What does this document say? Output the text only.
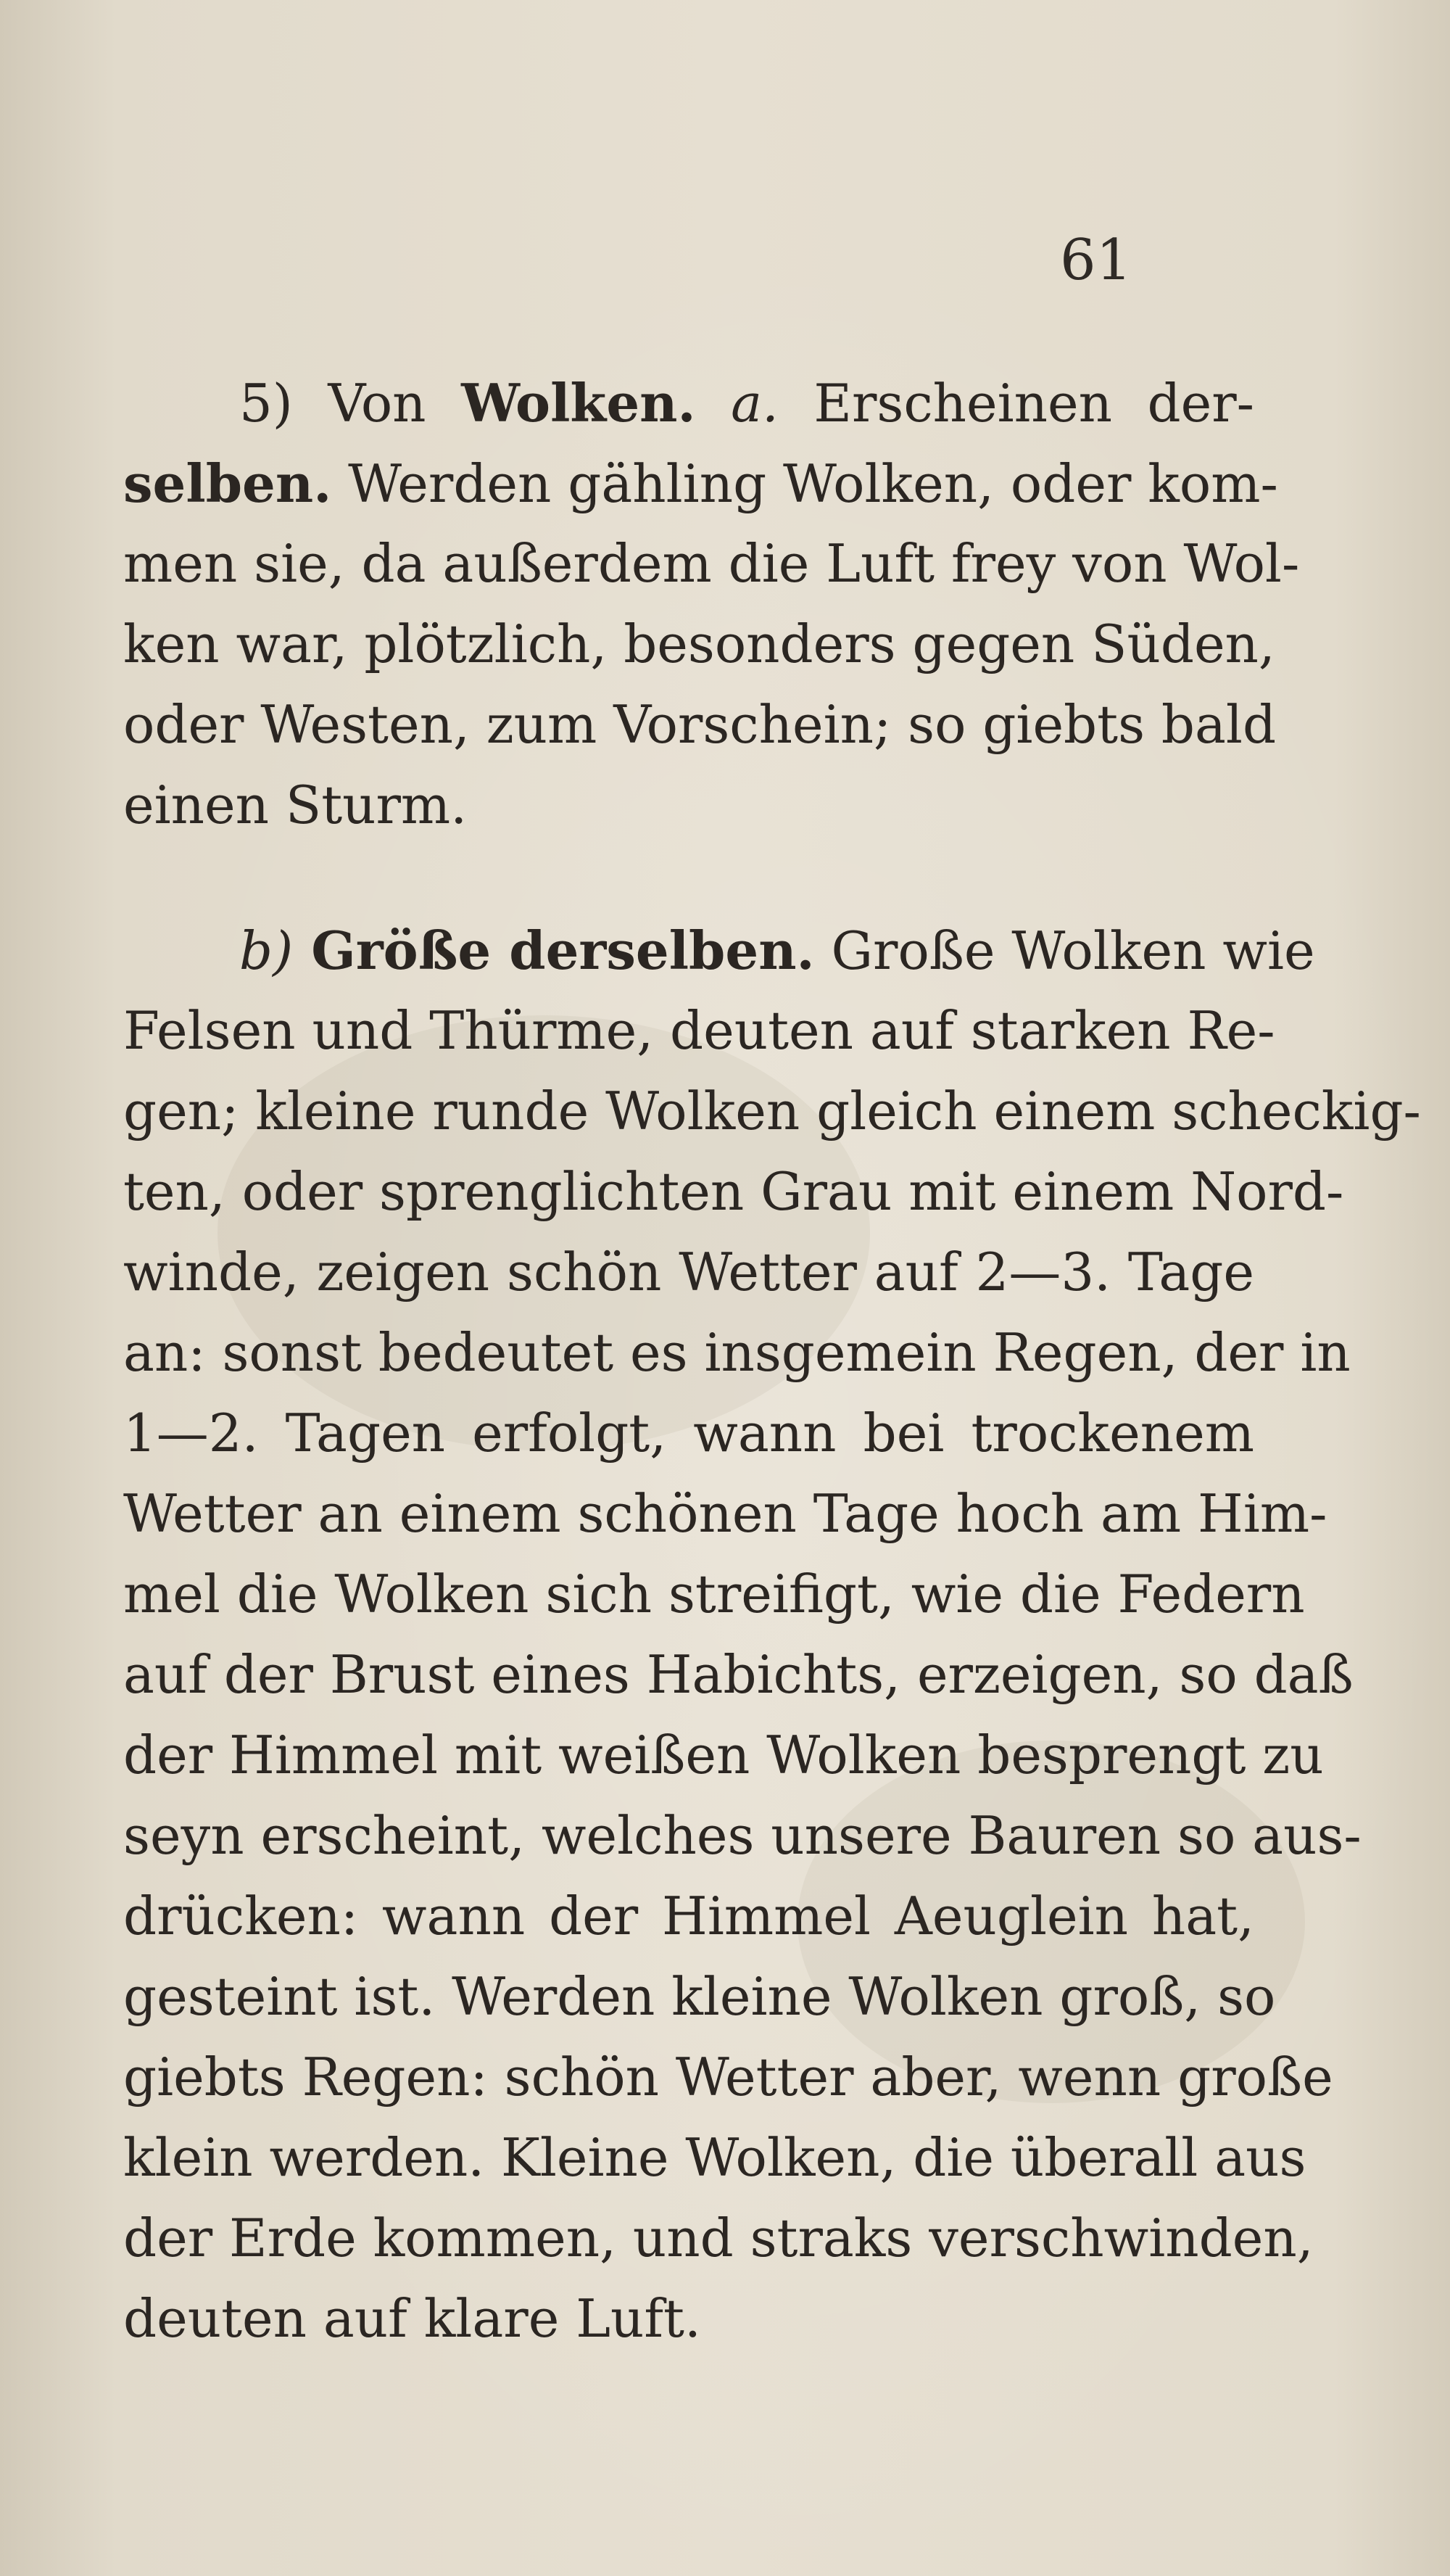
61

5) Von Wolken. a. Erscheinen der-
selben. Werden gähling Wolken, oder kom-
men sie, da außerdem die Luft frey von Wol-
ken war, plötzlich, besonders gegen Süden,
oder Westen, zum Vorschein; so giebts bald
einen Sturm.

b) Größe derselben. Große Wolken wie
Felsen und Thürme, deuten auf starken Re-
gen; kleine runde Wolken gleich einem scheckig-
ten, oder sprenglichten Grau mit einem Nord-
winde, zeigen schön Wetter auf 2—3. Tage
an: sonst bedeutet es insgemein Regen, der in
1—2. Tagen erfolgt, wann bei trockenem
Wetter an einem schönen Tage hoch am Him-
mel die Wolken sich streifigt, wie die Federn
auf der Brust eines Habichts, erzeigen, so daß
der Himmel mit weißen Wolken besprengt zu
seyn erscheint, welches unsere Bauren so aus-
drücken: wann der Himmel Aeuglein hat,
gesteint ist. Werden kleine Wolken groß, so
giebts Regen: schön Wetter aber, wenn große
klein werden. Kleine Wolken, die überall aus
der Erde kommen, und straks verschwinden,
deuten auf klare Luft.
